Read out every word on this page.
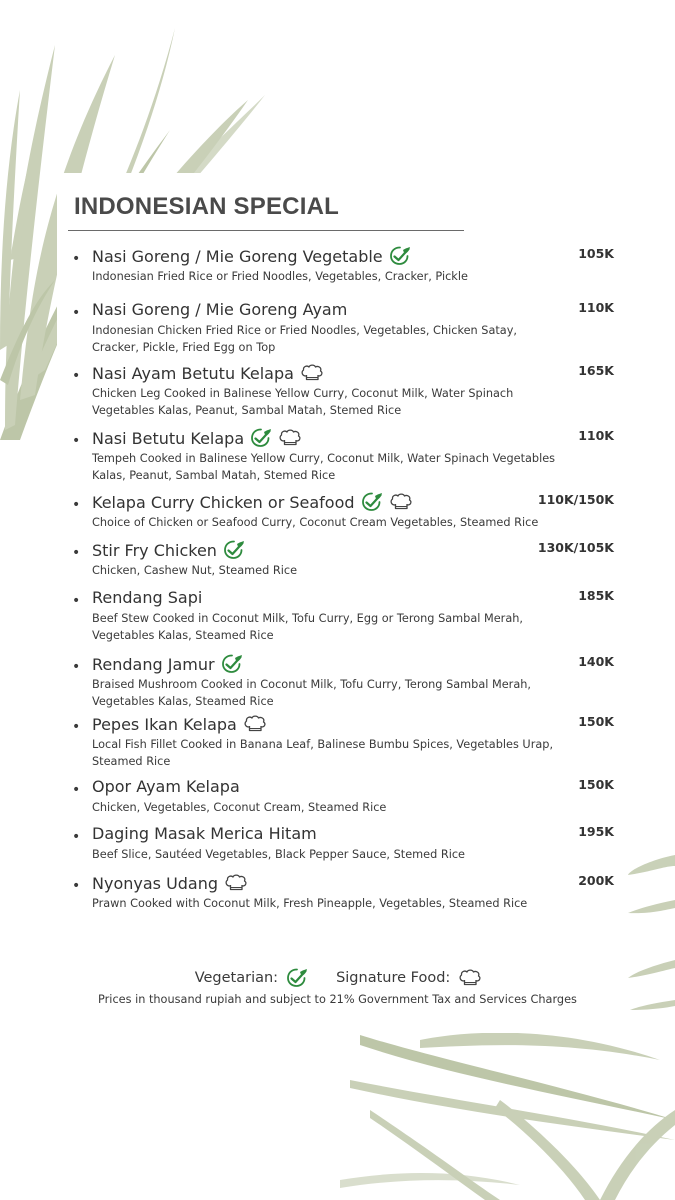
INDONESIAN SPECIAL
• Nasi Goreng / Mie Goreng Vegetable	105K
Indonesian Fried Rice or Fried Noodles, Vegetables, Cracker, Pickle
• Nasi Goreng / Mie Goreng Ayam	110K
Indonesian Chicken Fried Rice or Fried Noodles, Vegetables, Chicken Satay, Cracker, Pickle, Fried Egg on Top
• Nasi Ayam Betutu Kelapa	165K
Chicken Leg Cooked in Balinese Yellow Curry, Coconut Milk, Water Spinach Vegetables Kalas, Peanut, Sambal Matah, Stemed Rice
• Nasi Betutu Kelapa	110K
Tempeh Cooked in Balinese Yellow Curry, Coconut Milk, Water Spinach Vegetables Kalas, Peanut, Sambal Matah, Stemed Rice
• Kelapa Curry Chicken or Seafood	110K/150K
Choice of Chicken or Seafood Curry, Coconut Cream Vegetables, Steamed Rice
• Stir Fry Chicken	130K/105K
Chicken, Cashew Nut, Steamed Rice
• Rendang Sapi	185K
Beef Stew Cooked in Coconut Milk, Tofu Curry, Egg or Terong Sambal Merah, Vegetables Kalas, Steamed Rice
• Rendang Jamur	140K
Braised Mushroom Cooked in Coconut Milk, Tofu Curry, Terong Sambal Merah, Vegetables Kalas, Steamed Rice
• Pepes Ikan Kelapa	150K
Local Fish Fillet Cooked in Banana Leaf, Balinese Bumbu Spices, Vegetables Urap, Steamed Rice
• Opor Ayam Kelapa	150K
Chicken, Vegetables, Coconut Cream, Steamed Rice
• Daging Masak Merica Hitam	195K
Beef Slice, Sautéed Vegetables, Black Pepper Sauce, Stemed Rice
• Nyonyas Udang	200K
Prawn Cooked with Coconut Milk, Fresh Pineapple, Vegetables, Steamed Rice
Vegetarian:	Signature Food:
Prices in thousand rupiah and subject to 21% Government Tax and Services Charges
